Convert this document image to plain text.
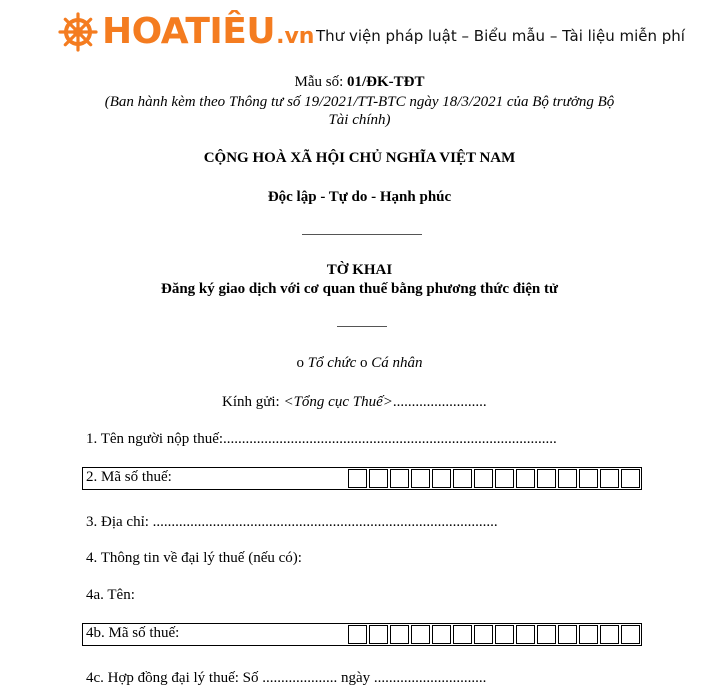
HOATIÊU .vn Thư viện pháp luật – Biểu mẫu – Tài liệu miễn phí
Mẫu số: 01/ĐK-TĐT
(Ban hành kèm theo Thông tư số 19/2021/TT-BTC ngày 18/3/2021 của Bộ trưởng Bộ
Tài chính)
CỘNG HOÀ XÃ HỘI CHỦ NGHĨA VIỆT NAM
Độc lập - Tự do - Hạnh phúc
TỜ KHAI
Đăng ký giao dịch với cơ quan thuế bằng phương thức điện tử
o Tổ chức o Cá nhân
Kính gửi: <Tổng cục Thuế>.........................
1. Tên người nộp thuế:.........................................................................................
2. Mã số thuế:
3. Địa chỉ: ............................................................................................
4. Thông tin về đại lý thuế (nếu có):
4a. Tên:
4b. Mã số thuế:
4c. Hợp đồng đại lý thuế: Số .................... ngày ..............................
